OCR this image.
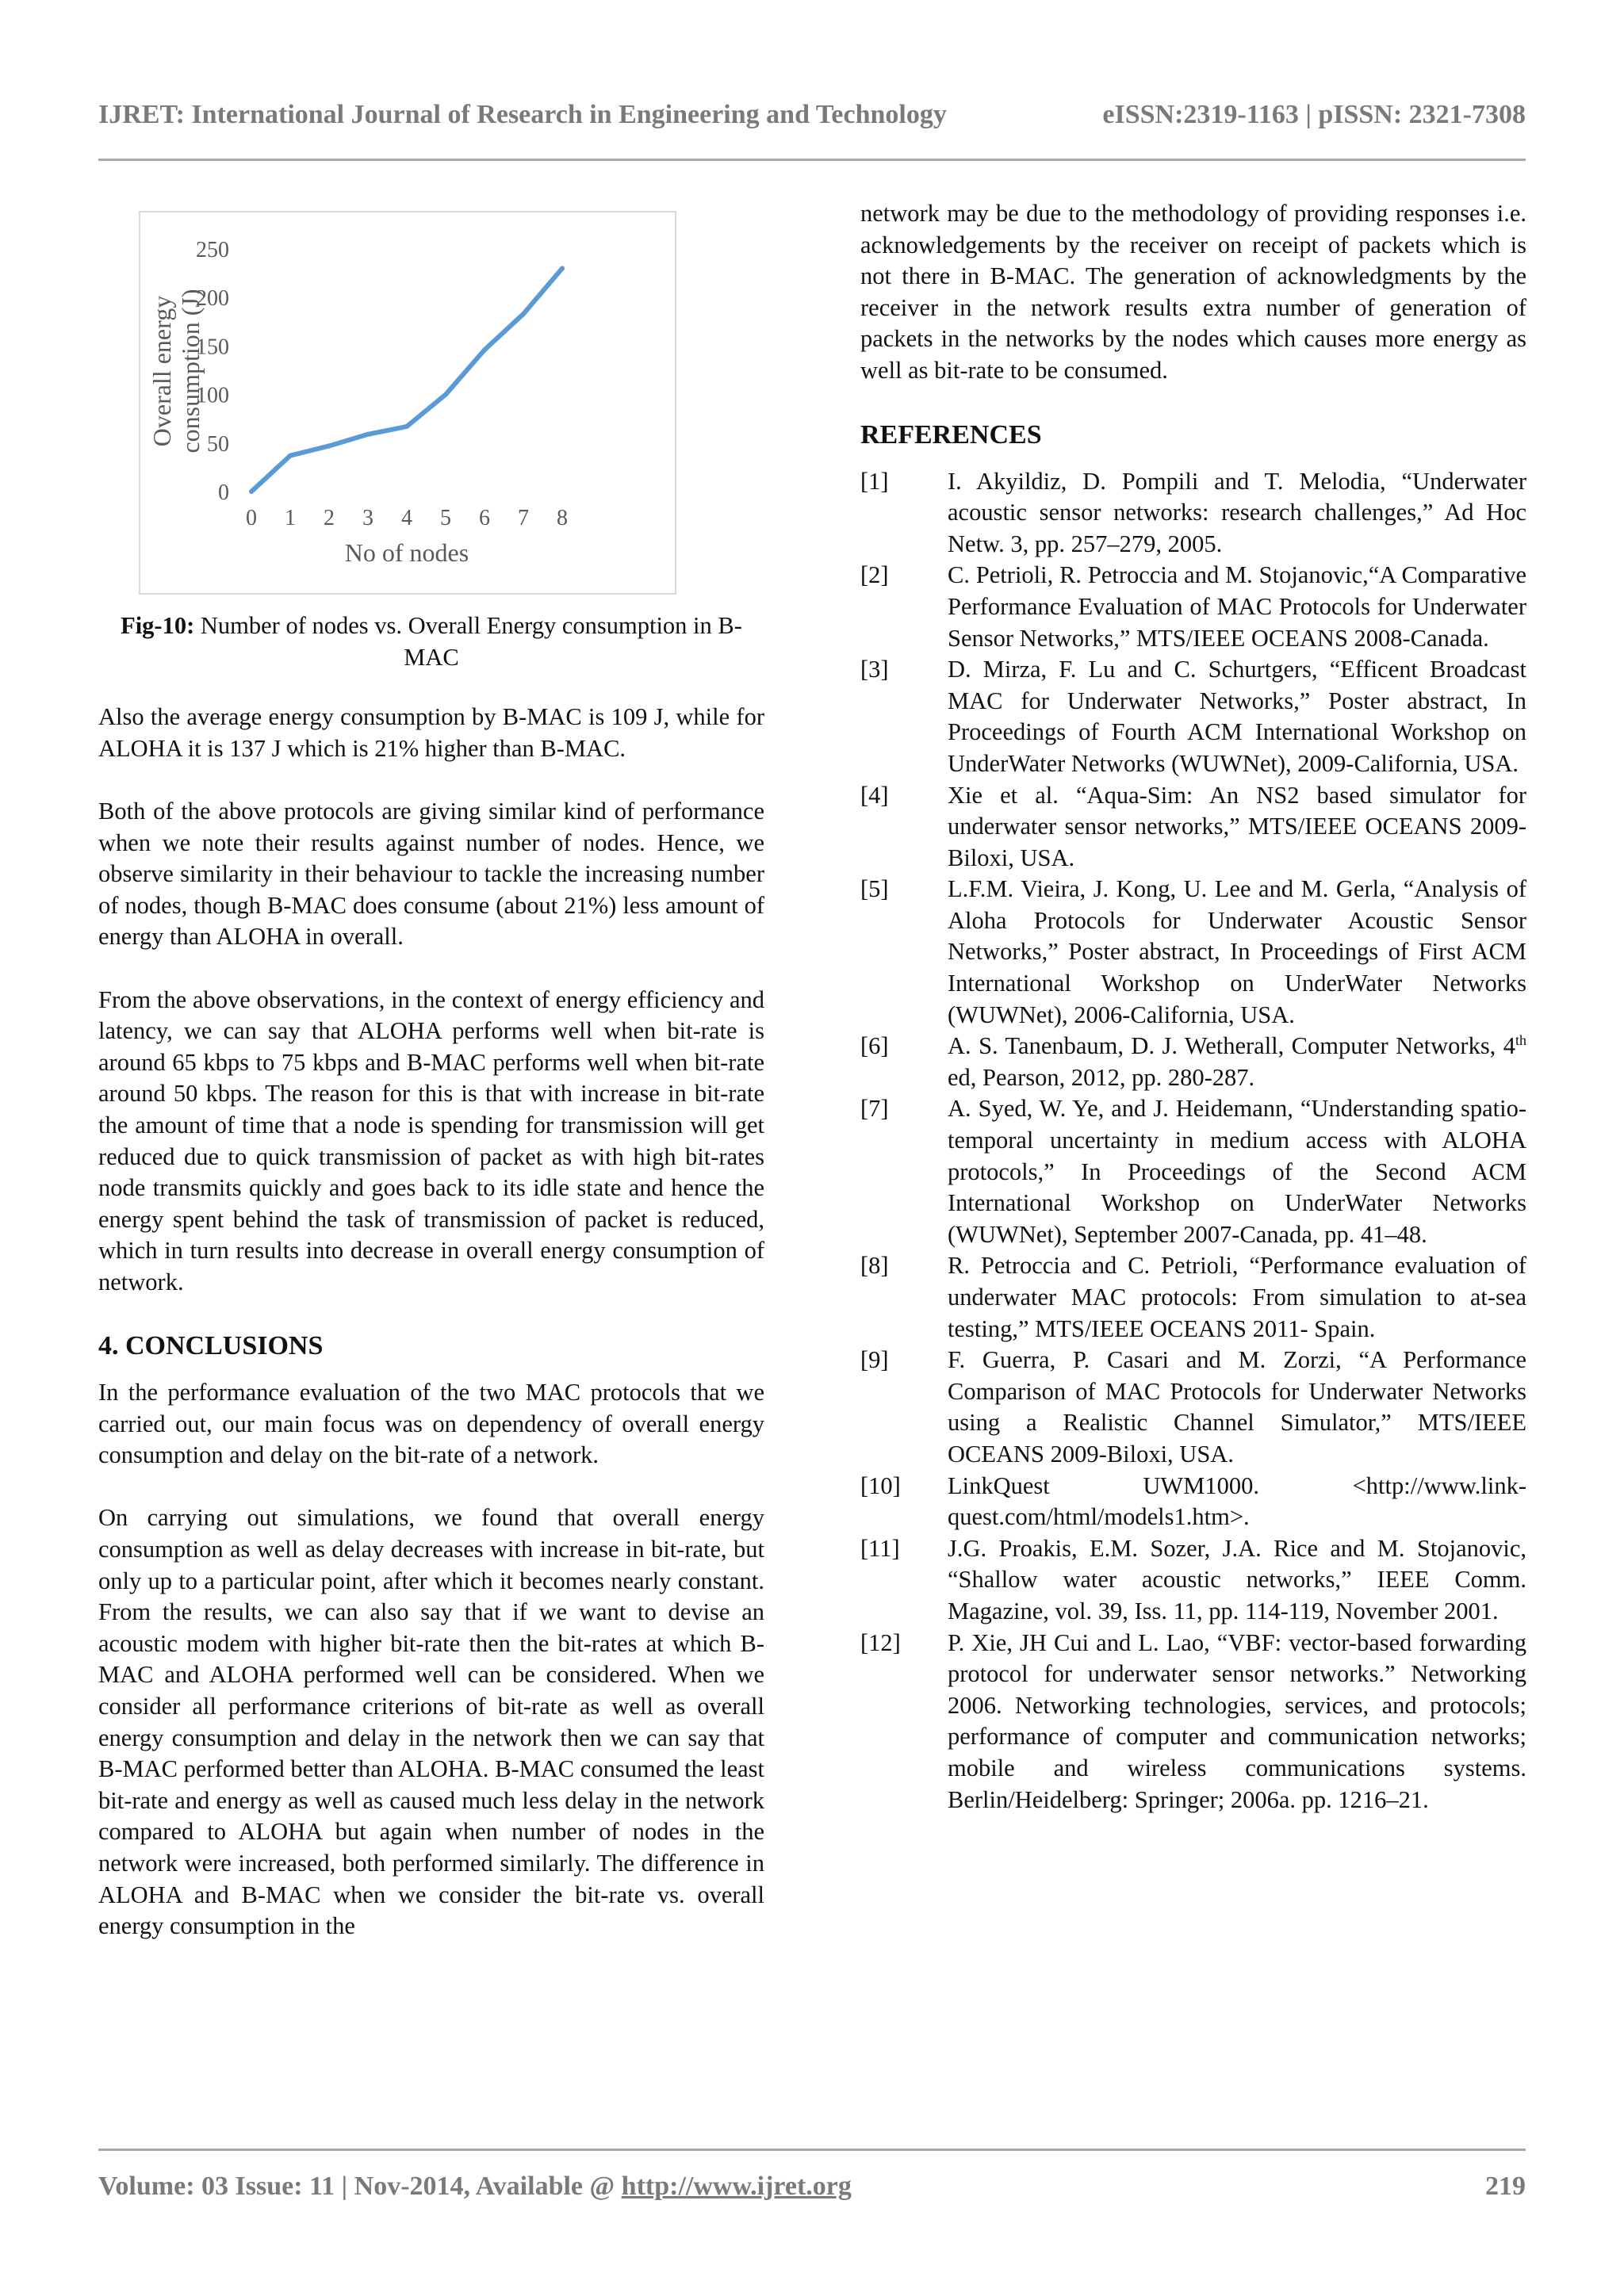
IJRET: International Journal of Research in Engineering and Technology	eISSN:2319-1163 | pISSN: 2321-7308
0
50
100
150
200
250
0 1 2 3 4 5 6 7 8
No of nodes
Overall energyconsumption (J)
Fig-10: Number of nodes vs. Overall Energy consumption in B-MAC

Also the average energy consumption by B-MAC is 109 J, while for ALOHA it is 137 J which is 21% higher than B-MAC.

Both of the above protocols are giving similar kind of performance when we note their results against number of nodes. Hence, we observe similarity in their behaviour to tackle the increasing number of nodes, though B-MAC does consume (about 21%) less amount of energy than ALOHA in overall.

From the above observations, in the context of energy efficiency and latency, we can say that ALOHA performs well when bit-rate is around 65 kbps to 75 kbps and B-MAC performs well when bit-rate around 50 kbps. The reason for this is that with increase in bit-rate the amount of time that a node is spending for transmission will get reduced due to quick transmission of packet as with high bit-rates node transmits quickly and goes back to its idle state and hence the energy spent behind the task of transmission of packet is reduced, which in turn results into decrease in overall energy consumption of network.

4. CONCLUSIONS

In the performance evaluation of the two MAC protocols that we carried out, our main focus was on dependency of overall energy consumption and delay on the bit-rate of a network.

On carrying out simulations, we found that overall energy consumption as well as delay decreases with increase in bit-rate, but only up to a particular point, after which it becomes nearly constant. From the results, we can also say that if we want to devise an acoustic modem with higher bit-rate then the bit-rates at which B-MAC and ALOHA performed well can be considered. When we consider all performance criterions of bit-rate as well as overall energy consumption and delay in the network then we can say that B-MAC performed better than ALOHA. B-MAC consumed the least bit-rate and energy as well as caused much less delay in the network compared to ALOHA but again when number of nodes in the network were increased, both performed similarly. The difference in ALOHA and B-MAC when we consider the bit-rate vs. overall energy consumption in the

network may be due to the methodology of providing responses i.e. acknowledgements by the receiver on receipt of packets which is not there in B-MAC. The generation of acknowledgments by the receiver in the network results extra number of generation of packets in the networks by the nodes which causes more energy as well as bit-rate to be consumed.

REFERENCES
[1]	I. Akyildiz, D. Pompili and T. Melodia, “Underwater acoustic sensor networks: research challenges,” Ad Hoc Netw. 3, pp. 257–279, 2005.
[2]	C. Petrioli, R. Petroccia and M. Stojanovic,“A Comparative Performance Evaluation of MAC Protocols for Underwater Sensor Networks,” MTS/IEEE OCEANS 2008-Canada.
[3]	D. Mirza, F. Lu and C. Schurtgers, “Efficent Broadcast MAC for Underwater Networks,” Poster abstract, In Proceedings of Fourth ACM International Workshop on UnderWater Networks (WUWNet), 2009-California, USA.
[4]	Xie et al. “Aqua-Sim: An NS2 based simulator for underwater sensor networks,” MTS/IEEE OCEANS 2009-Biloxi, USA.
[5]	L.F.M. Vieira, J. Kong, U. Lee and M. Gerla, “Analysis of Aloha Protocols for Underwater Acoustic Sensor Networks,” Poster abstract, In Proceedings of First ACM International Workshop on UnderWater Networks (WUWNet), 2006-California, USA.
[6]	A. S. Tanenbaum, D. J. Wetherall, Computer Networks, 4th ed, Pearson, 2012, pp. 280-287.
[7]	A. Syed, W. Ye, and J. Heidemann, “Understanding spatio-temporal uncertainty in medium access with ALOHA protocols,” In Proceedings of the Second ACM International Workshop on UnderWater Networks (WUWNet), September 2007-Canada, pp. 41–48.
[8]	R. Petroccia and C. Petrioli, “Performance evaluation of underwater MAC protocols: From simulation to at-sea testing,” MTS/IEEE OCEANS 2011- Spain.
[9]	F. Guerra, P. Casari and M. Zorzi, “A Performance Comparison of MAC Protocols for Underwater Networks using a Realistic Channel Simulator,” MTS/IEEE OCEANS 2009-Biloxi, USA.
[10]	LinkQuest UWM1000. <http://www.link-quest.com/html/models1.htm>.
[11]	J.G. Proakis, E.M. Sozer, J.A. Rice and M. Stojanovic, “Shallow water acoustic networks,” IEEE Comm. Magazine, vol. 39, Iss. 11, pp. 114-119, November 2001.
[12]	P. Xie, JH Cui and L. Lao, “VBF: vector-based forwarding protocol for underwater sensor networks.” Networking 2006. Networking technologies, services, and protocols; performance of computer and communication networks; mobile and wireless communications systems. Berlin/Heidelberg: Springer; 2006a. pp. 1216–21.
Volume: 03 Issue: 11 | Nov-2014, Available @ http://www.ijret.org	219
